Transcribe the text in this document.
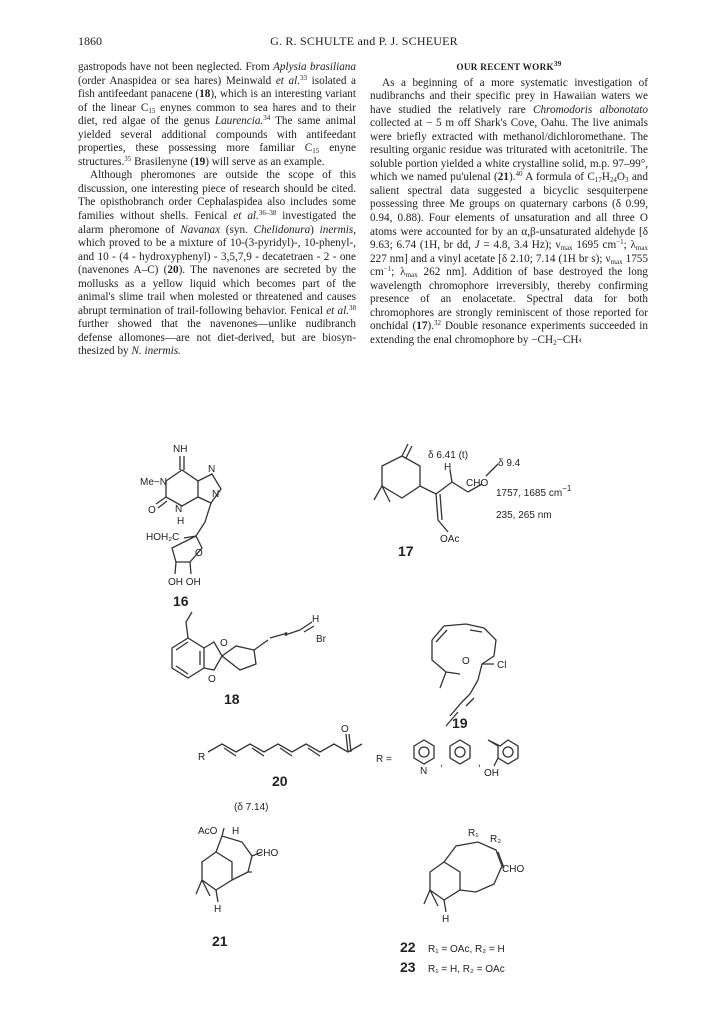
1860	G. R. SCHULTE and P. J. SCHEUER

gastropods have not been neglected. From Aplysia brasiliana (order Anaspidea or sea hares) Meinwald et al.$^{33}$ isolated a fish antifeedant panacene (18), which is an interesting variant of the linear $C_{15}$ enynes common to sea hares and to their diet, red algae of the genus Laurencia.$^{34}$ The same animal yielded several additional compounds with antifeedant properties, these possessing more familiar $C_{15}$ enyne structures.$^{35}$ Brasilenyne (19) will serve as an example.

Although pheromones are outside the scope of this discussion, one interesting piece of research should be cited. The opisthobranch order Cephalaspidea also includes some families without shells. Fenical et al.$^{36-38}$ investigated the alarm pheromone of Navanax (syn. Chelidonura) inermis, which proved to be a mixture of 10-(3-pyridyl)-, 10-phenyl-, and 10 - (4 - hydroxyphenyl) - 3,5,7,9 - decatetraen - 2 - one (navenones A–C) (20). The navenones are secreted by the mollusks as a yellow liquid which becomes part of the animal's slime trail when molested or threatened and causes abrupt termination of trail-following behavior. Fenical et al.$^{38}$ further showed that the navenones—unlike nudibranch defense allomones—are not diet-derived, but are biosynthesized by N. inermis.

OUR RECENT WORK$^{39}$

As a beginning of a more systematic investigation of nudibranchs and their specific prey in Hawaiian waters we have studied the relatively rare Chromodoris albonotato collected at − 5 m off Shark's Cove, Oahu. The live animals were briefly extracted with methanol/dichloromethane. The resulting organic residue was triturated with acetonitrile. The soluble portion yielded a white crystalline solid, m.p. 97–99°, which we named pu'ulenal (21).$^{40}$ A formula of $C_{17}H_{24}O_3$ and salient spectral data suggested a bicyclic sesquiterpene possessing three Me groups on quaternary carbons (δ 0.99, 0.94, 0.88). Four elements of unsaturation and all three O atoms were accounted for by an α,β-unsaturated aldehyde [δ 9.63; 6.74 (1H, br dd, J = 4.8, 3.4 Hz); $\nu_{max}$ 1695 $cm^{-1}$; $\lambda_{max}$ 227 nm] and a vinyl acetate [δ 2.10; 7.14 (1H br s); $\nu_{max}$ 1755 $cm^{-1}$; $\lambda_{max}$ 262 nm]. Addition of base destroyed the long wavelength chromophore irreversibly, thereby confirming presence of an enolacetate. Spectral data for both chromophores are strongly reminiscent of those reported for onchidal (17).$^{32}$ Double resonance experiments succeeded in extending the enal chromophore by $-CH_2-CH‹$

NH
N
Me−N
O N
H
N
HOH₂C
O
OH OH
16
δ 6.41 (t)
δ 9.4
H
CHO
1757, 1685 $cm^{-1}$
235, 265 nm
OAc
17
O
O
H
Br
18
O	Cl
19
R
O
R =
N
,	,
OH
20
(δ 7.14)
AcO H
CHO
H
21
R₁
R₂
CHO
H
22 R₁ = OAc, R₂ = H
23 R₁ = H, R₂ = OAc
